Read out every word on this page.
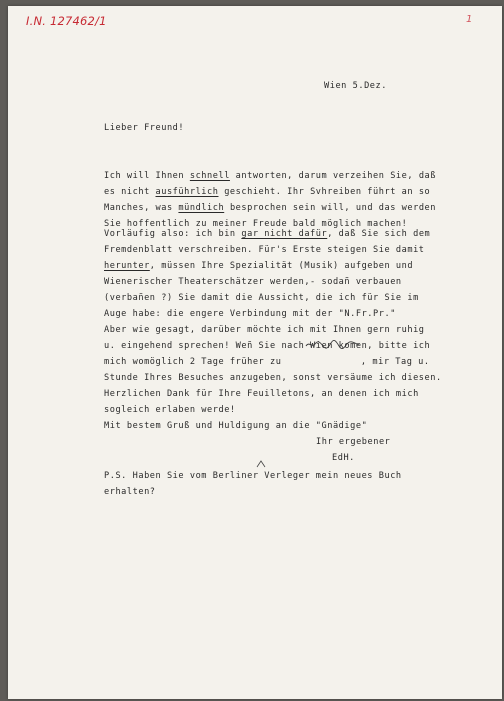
I.N. 127462/1	1
Wien 5.Dez.
Lieber Freund!
Ich will Ihnen schnell antworten, darum verzeihen Sie, daß
es nicht ausführlich geschieht. Ihr Svhreiben führt an so
Manches, was mündlich besprochen sein will, und das werden
Sie hoffentlich zu meiner Freude bald möglich machen!
Vorläufig also: ich bin gar nicht dafür, daß Sie sich dem
Fremdenblatt verschreiben. Für's Erste steigen Sie damit
herunter, müssen Ihre Spezialität (Musik) aufgeben und
Wienerischer Theaterschätzer werden,- sodañ verbauen
(verbañen ?) Sie damit die Aussicht, die ich für Sie im
Auge habe: die engere Verbindung mit der "N.Fr.Pr."
Aber wie gesagt, darüber möchte ich mit Ihnen gern ruhig
u. eingehend sprechen! Weñ Sie nach Wien komen, bitte ich
mich womöglich 2 Tage früher zu	, mir Tag u.
Stunde Ihres Besuches anzugeben, sonst versäume ich diesen.
Herzlichen Dank für Ihre Feuilletons, an denen ich mich
sogleich erlaben werde!
Mit bestem Gruß und Huldigung an die "Gnädige"
Ihr ergebener
EdH.
P.S. Haben Sie vom Berliner Verleger mein neues Buch
erhalten?
